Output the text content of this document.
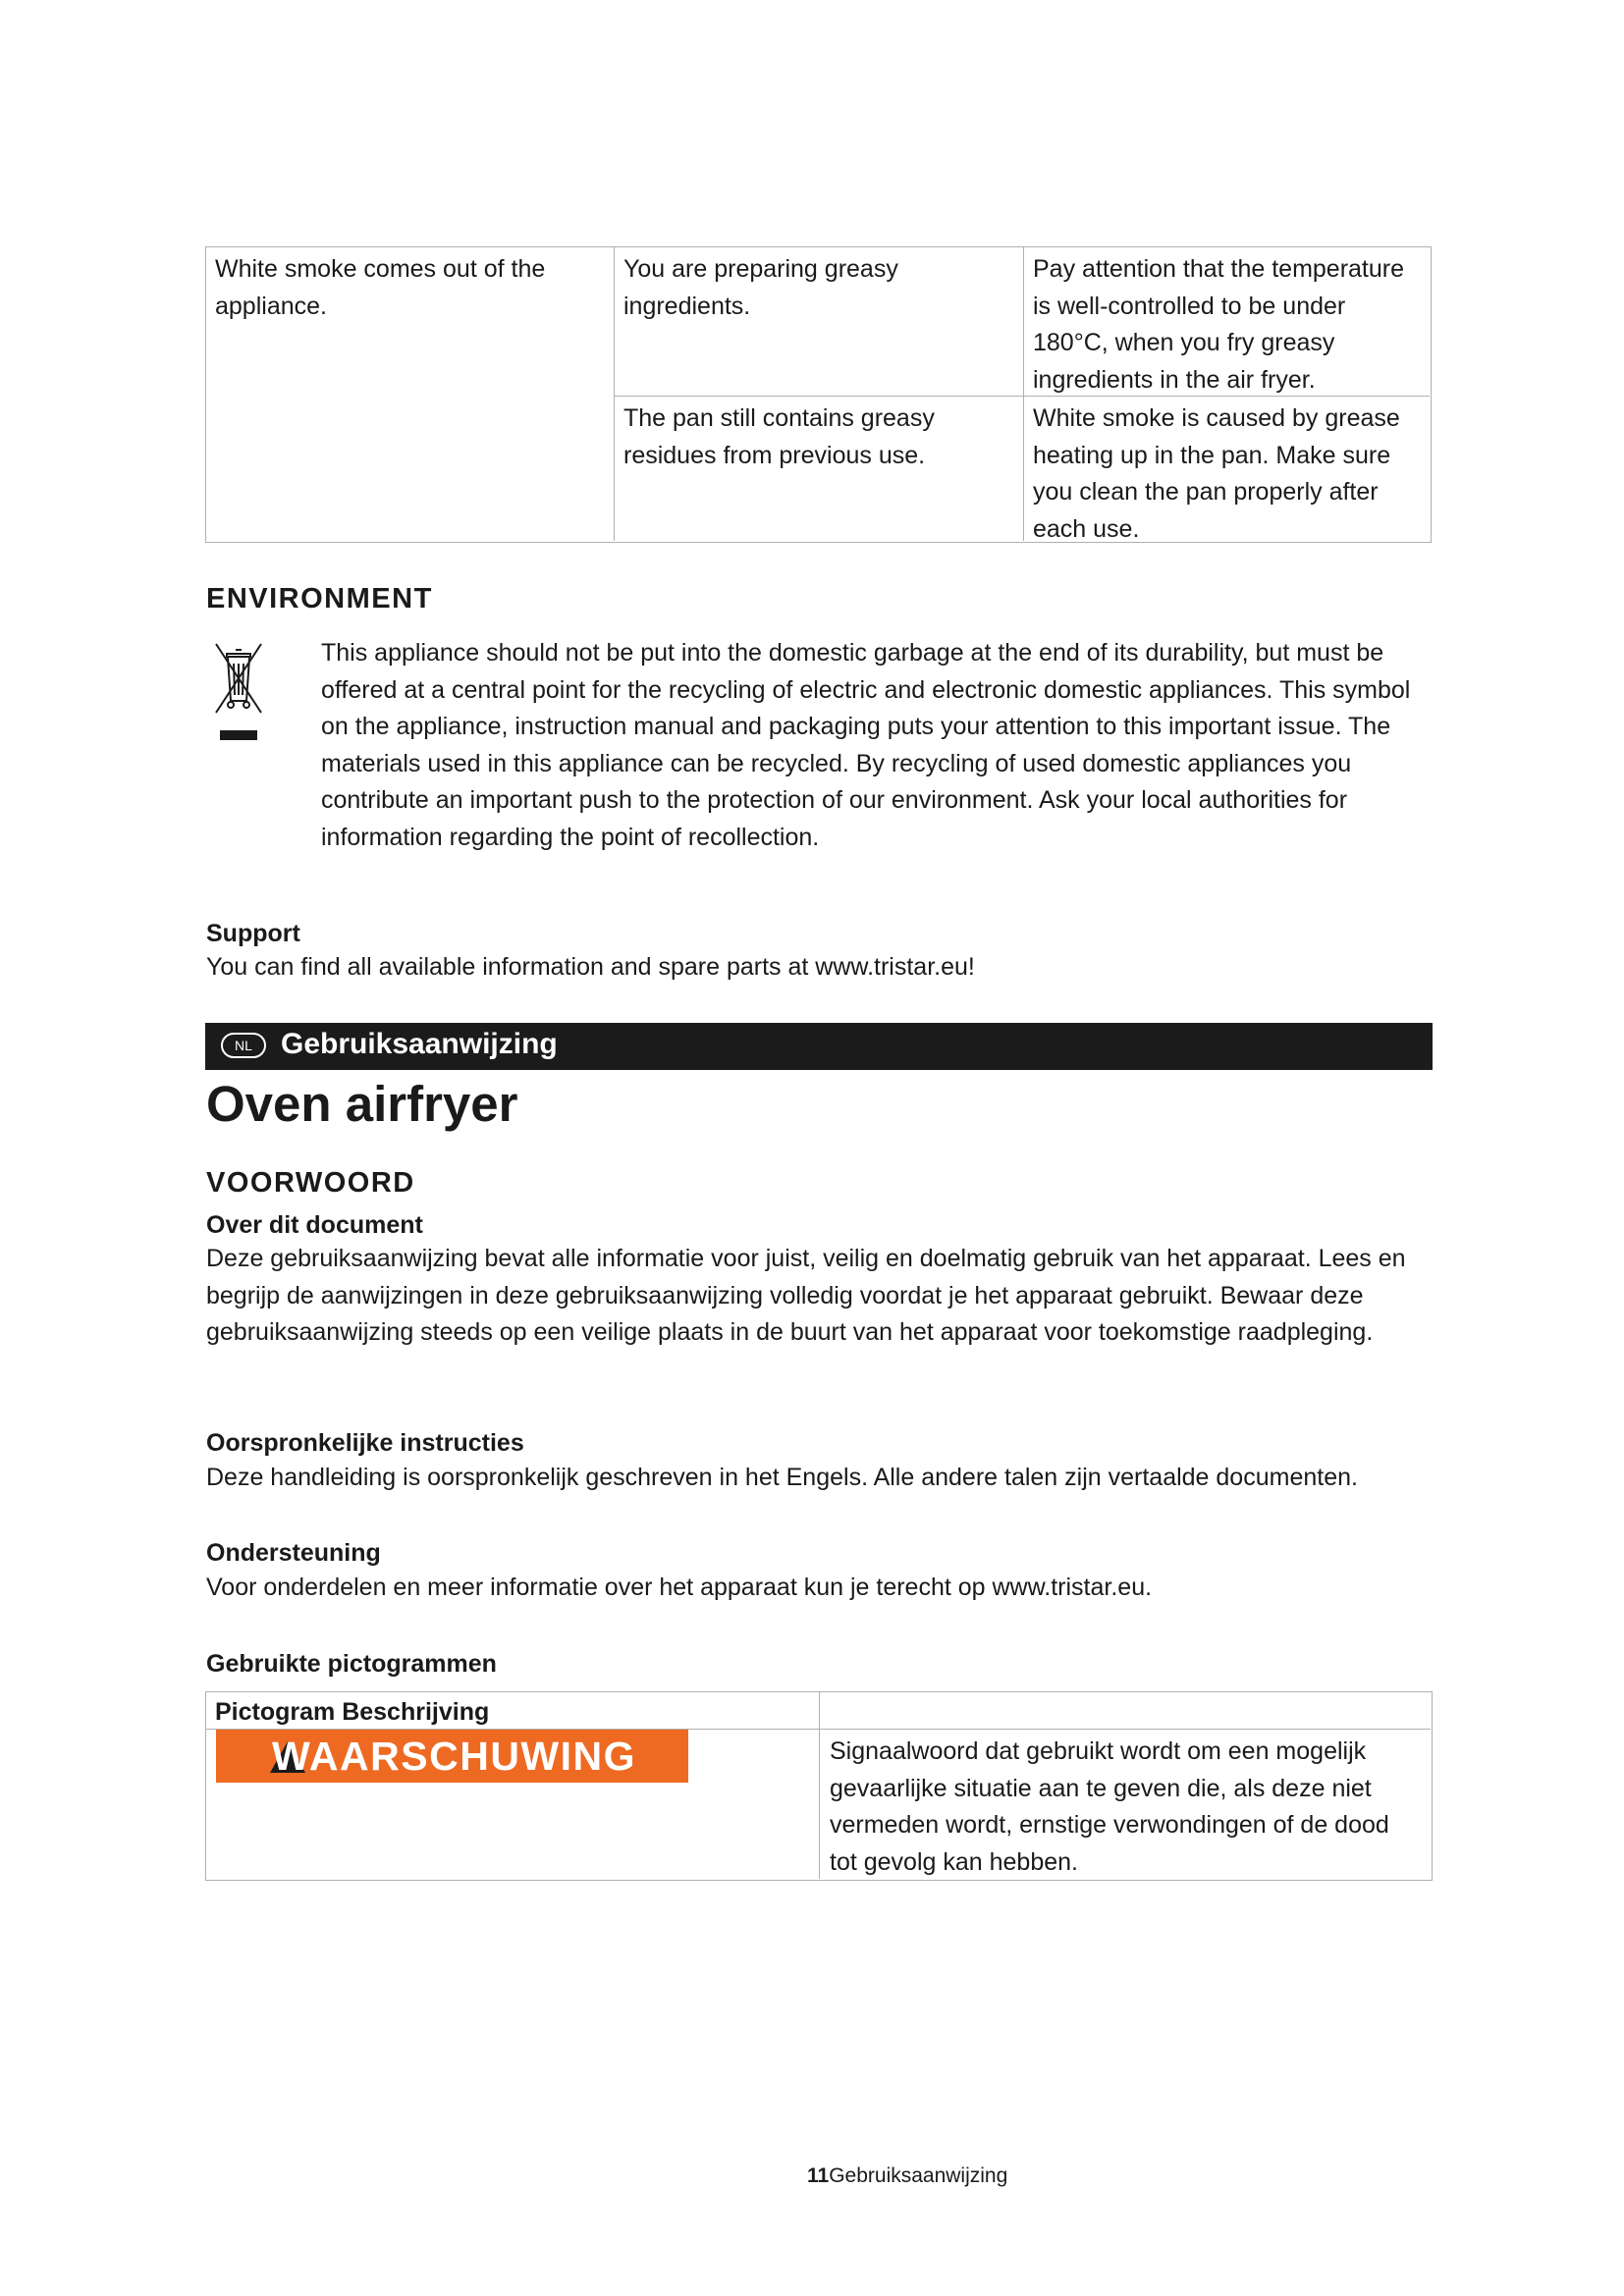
White smoke comes out of the appliance.
You are preparing greasy ingredients.
Pay attention that the temperature is well-controlled to be under 180°C, when you fry greasy ingredients in the air fryer.
The pan still contains greasy residues from previous use.
White smoke is caused by grease heating up in the pan. Make sure you clean the pan properly after each use.
ENVIRONMENT

This appliance should not be put into the domestic garbage at the end of its durability, but must be offered at a central point for the recycling of electric and electronic domestic appliances. This symbol on the appliance, instruction manual and packaging puts your attention to this important issue. The materials used in this appliance can be recycled. By recycling of used domestic appliances you contribute an important push to the protection of our environment. Ask your local authorities for information regarding the point of recollection.

Support

You can find all available information and spare parts at www.tristar.eu!

NL Gebruiksaanwijzing
Oven airfryer
VOORWOORD

Over dit document

Deze gebruiksaanwijzing bevat alle informatie voor juist, veilig en doelmatig gebruik van het apparaat. Lees en begrijp de aanwijzingen in deze gebruiksaanwijzing volledig voordat je het apparaat gebruikt. Bewaar deze gebruiksaanwijzing steeds op een veilige plaats in de buurt van het apparaat voor toekomstige raadpleging.

Oorspronkelijke instructies

Deze handleiding is oorspronkelijk geschreven in het Engels. Alle andere talen zijn vertaalde documenten.

Ondersteuning

Voor onderdelen en meer informatie over het apparaat kun je terecht op www.tristar.eu.

Gebruikte pictogrammen

Pictogram Beschrijving
WAARSCHUWING	Signaalwoord dat gebruikt wordt om een mogelijk gevaarlijke situatie aan te geven die, als deze niet vermeden wordt, ernstige verwondingen of de dood tot gevolg kan hebben.
11Gebruiksaanwijzing
